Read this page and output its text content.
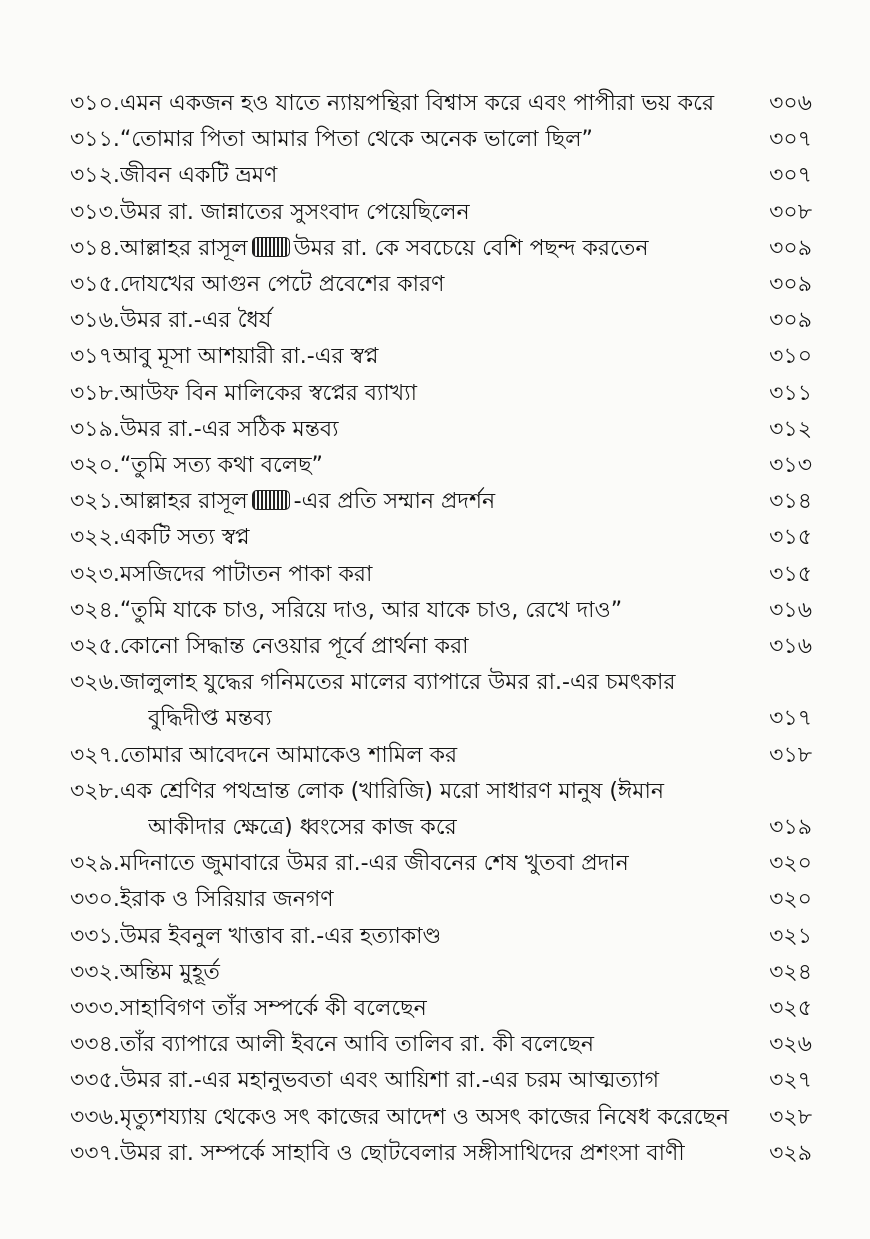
৩১০. এমন একজন হও যাতে ন্যায়পন্থিরা বিশ্বাস করে এবং পাপীরা ভয় করে	৩০৬
৩১১. “তোমার পিতা আমার পিতা থেকে অনেক ভালো ছিল”	৩০৭
৩১২. জীবন একটি ভ্রমণ	৩০৭
৩১৩. উমর রা. জান্নাতের সুসংবাদ পেয়েছিলেন	৩০৮
৩১৪. আল্লাহর রাসূল উমর রা. কে সবচেয়ে বেশি পছন্দ করতেন	৩০৯
৩১৫. দোযখের আগুন পেটে প্রবেশের কারণ	৩০৯
৩১৬. উমর রা.-এর ধৈর্য	৩০৯
৩১৭ আবু মূসা আশয়ারী রা.-এর স্বপ্ন	৩১০
৩১৮. আউফ বিন মালিকের স্বপ্নের ব্যাখ্যা	৩১১
৩১৯. উমর রা.-এর সঠিক মন্তব্য	৩১২
৩২০. “তুমি সত্য কথা বলেছ”	৩১৩
৩২১. আল্লাহর রাসূল -এর প্রতি সম্মান প্রদর্শন	৩১৪
৩২২. একটি সত্য স্বপ্ন	৩১৫
৩২৩. মসজিদের পাটাতন পাকা করা	৩১৫
৩২৪. “তুমি যাকে চাও, সরিয়ে দাও, আর যাকে চাও, রেখে দাও”	৩১৬
৩২৫. কোনো সিদ্ধান্ত নেওয়ার পূর্বে প্রার্থনা করা	৩১৬
৩২৬. জালুলাহ যুদ্ধের গনিমতের মালের ব্যাপারে উমর রা.-এর চমৎকার
বুদ্ধিদীপ্ত মন্তব্য	৩১৭
৩২৭. তোমার আবেদনে আমাকেও শামিল কর	৩১৮
৩২৮. এক শ্রেণির পথভ্রান্ত লোক (খারিজি) মরো সাধারণ মানুষ (ঈমান
আকীদার ক্ষেত্রে) ধ্বংসের কাজ করে	৩১৯
৩২৯. মদিনাতে জুমাবারে উমর রা.-এর জীবনের শেষ খুতবা প্রদান	৩২০
৩৩০. ইরাক ও সিরিয়ার জনগণ	৩২০
৩৩১. উমর ইবনুল খাত্তাব রা.-এর হত্যাকাণ্ড	৩২১
৩৩২. অন্তিম মুহূর্ত	৩২৪
৩৩৩. সাহাবিগণ তাঁর সম্পর্কে কী বলেছেন	৩২৫
৩৩৪. তাঁর ব্যাপারে আলী ইবনে আবি তালিব রা. কী বলেছেন	৩২৬
৩৩৫. উমর রা.-এর মহানুভবতা এবং আয়িশা রা.-এর চরম আত্মত্যাগ	৩২৭
৩৩৬. মৃত্যুশয্যায় থেকেও সৎ কাজের আদেশ ও অসৎ কাজের নিষেধ করেছেন	৩২৮
৩৩৭. উমর রা. সম্পর্কে সাহাবি ও ছোটবেলার সঙ্গীসাথিদের প্রশংসা বাণী	৩২৯
